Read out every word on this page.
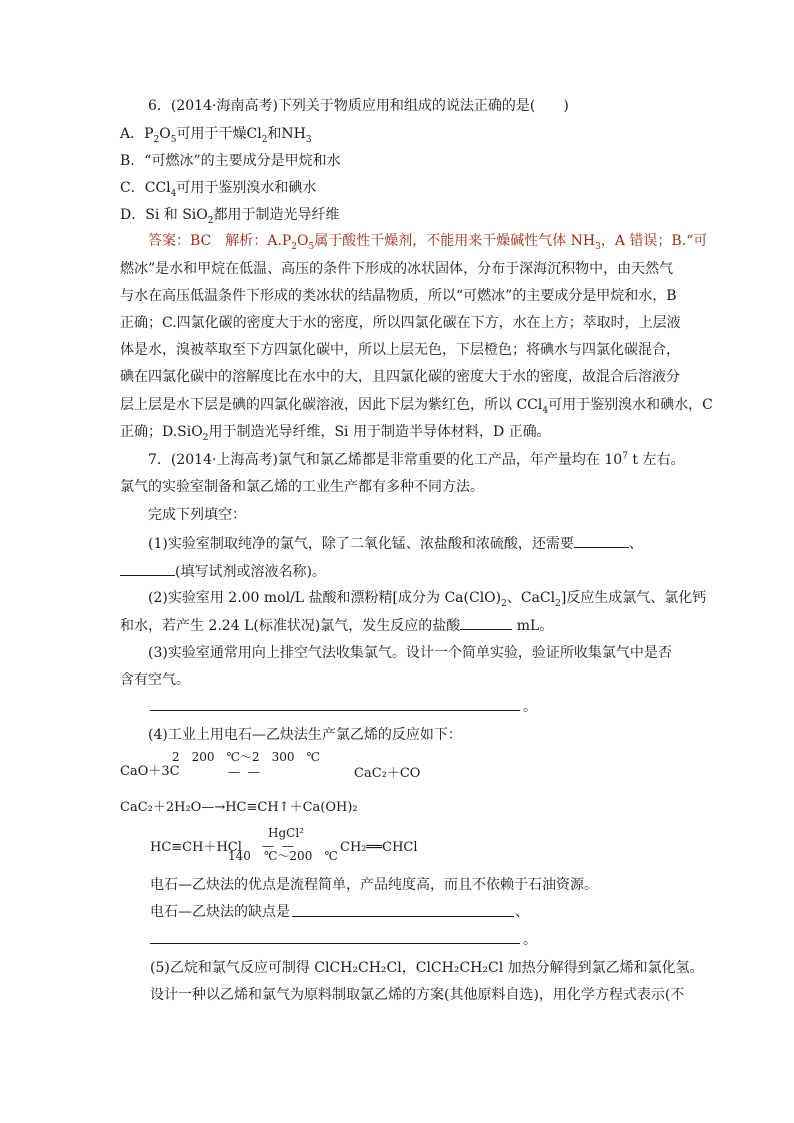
6．(2014·海南高考)下列关于物质应用和组成的说法正确的是(　　)
A．$P_2O_5$可用于干燥$Cl_2$和$NH_3$
B．“可燃冰”的主要成分是甲烷和水
C．CCl$_4$可用于鉴别溴水和碘水
D．Si 和 SiO$_2$都用于制造光导纤维
答案：BC　解析：$A.P_2O_5$属于酸性干燥剂，不能用来干燥碱性气体 $NH_3$，A 错误；B.“可
燃冰”是水和甲烷在低温、高压的条件下形成的冰状固体，分布于深海沉积物中，由天然气
与水在高压低温条件下形成的类冰状的结晶物质，所以“可燃冰”的主要成分是甲烷和水，B
正确；C.四氯化碳的密度大于水的密度，所以四氯化碳在下方，水在上方；萃取时，上层液
体是水，溴被萃取至下方四氯化碳中，所以上层无色，下层橙色；将碘水与四氯化碳混合，
碘在四氯化碳中的溶解度比在水中的大，且四氯化碳的密度大于水的密度，故混合后溶液分
层上层是水下层是碘的四氯化碳溶液，因此下层为紫红色，所以 CCl$_4$可用于鉴别溴水和碘水，C
正确；D.SiO$_2$用于制造光导纤维，Si 用于制造半导体材料，D 正确。
7．(2014·上海高考)氯气和氯乙烯都是非常重要的化工产品，年产量均在 $10^7$ t 左右。
氯气的实验室制备和氯乙烯的工业生产都有多种不同方法。
完成下列填空：
(1)实验室制取纯净的氯气，除了二氧化锰、浓盐酸和浓硫酸，还需要	、
(填写试剂或溶液名称)。
(2)实验室用 2.00 mol/L 盐酸和漂粉精[成分为 $Ca(ClO)_2$、CaCl$_2$]反应生成氯气、氯化钙
和水，若产生 2.24 L(标准状况)氯气，发生反应的盐酸	mL。
(3)实验室通常用向上排空气法收集氯气。设计一个简单实验，验证所收集氯气中是否
含有空气。
。
(4)工业上用电石—乙炔法生产氯乙烯的反应如下：
2　200　℃～2　300　℃
— —
CaO＋3C	CaC₂＋CO
CaC₂＋2H₂O—→HC≡CH↑＋Ca(OH)₂
HgCl²
— —
HC≡CH＋HCl
140 ℃～200　℃
CH₂══CHCl
电石—乙炔法的优点是流程简单，产品纯度高，而且不依赖于石油资源。
电石—乙炔法的缺点是	、
。
(5)乙烷和氯气反应可制得 ClCH₂CH₂Cl，ClCH₂CH₂Cl 加热分解得到氯乙烯和氯化氢。
设计一种以乙烯和氯气为原料制取氯乙烯的方案(其他原料自选)，用化学方程式表示(不
